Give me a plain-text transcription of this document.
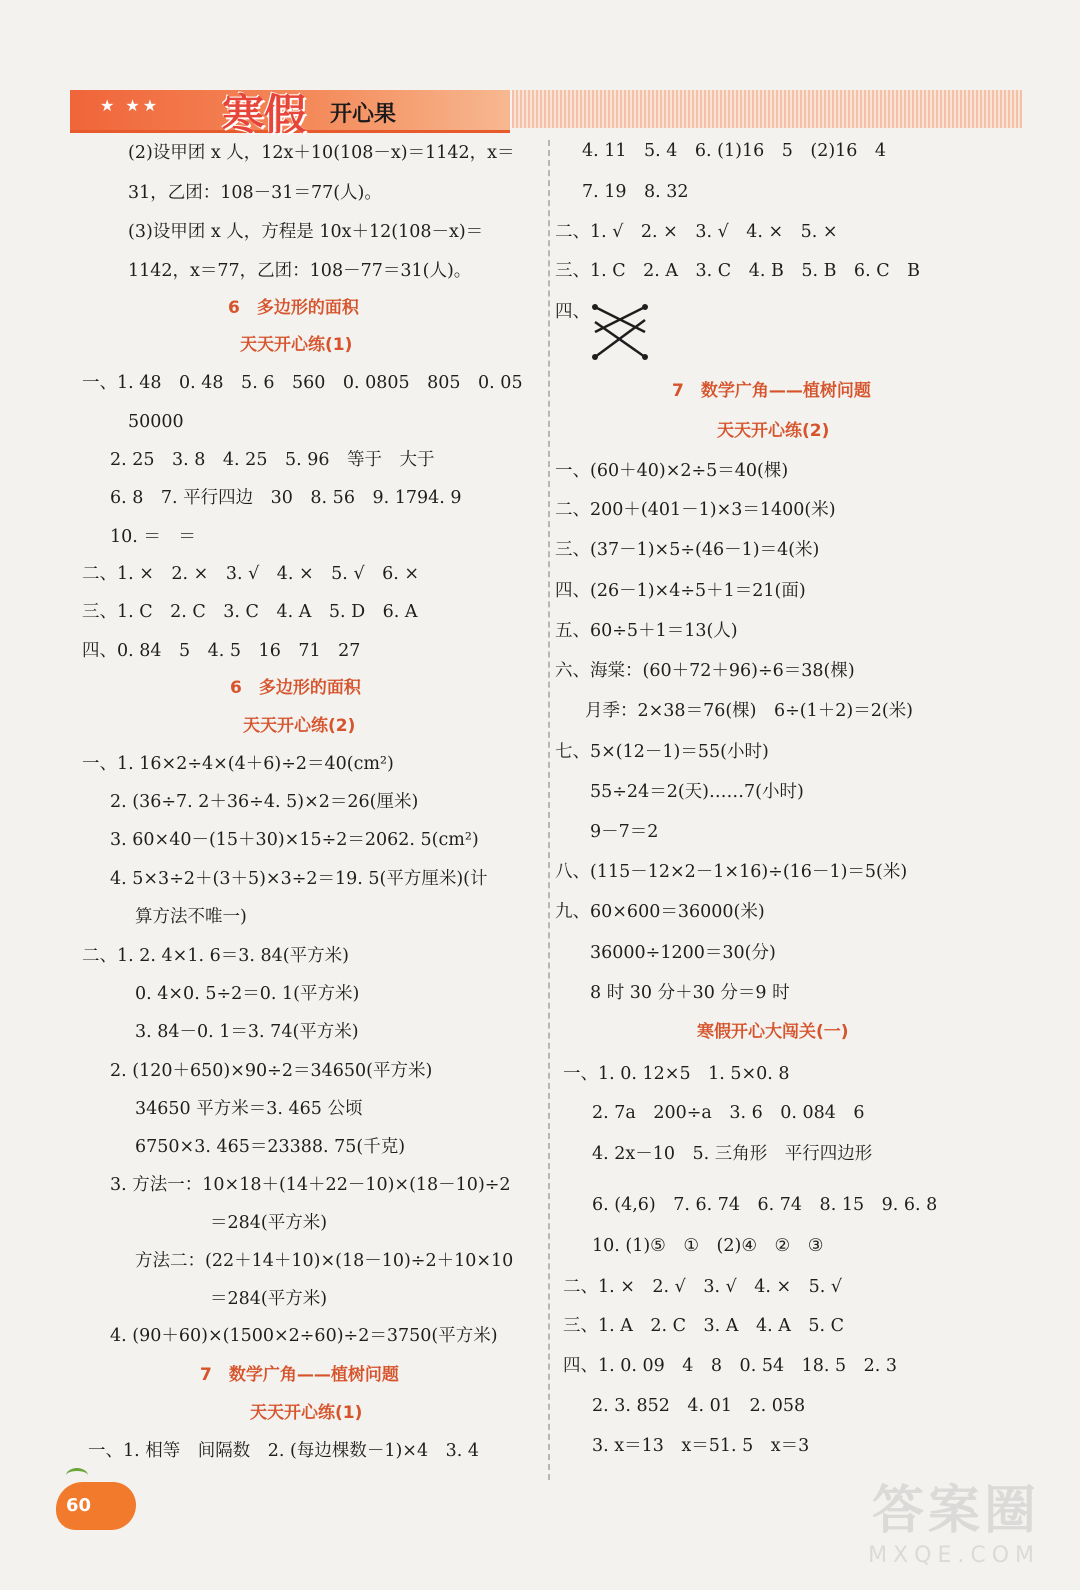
★ ★★ 寒假 开心果
(2)设甲团 x 人，12x＋10(108－x)＝1142，x＝
31，乙团：108－31＝77(人)。
(3)设甲团 x 人，方程是 10x＋12(108－x)＝
1142，x＝77，乙团：108－77＝31(人)。
6　多边形的面积
天天开心练(1)
一、1. 48　0. 48　5. 6　560　0. 0805　805　0. 05
50000
2. 25　3. 8　4. 25　5. 96　等于　大于
6. 8　7. 平行四边　30　8. 56　9. 1794. 9
10. ＝　＝
二、1. ×　2. ×　3. √　4. ×　5. √　6. ×
三、1. C　2. C　3. C　4. A　5. D　6. A
四、0. 84　5　4. 5　16　71　27
6　多边形的面积
天天开心练(2)
一、1. 16×2÷4×(4＋6)÷2＝40(cm²)
2. (36÷7. 2＋36÷4. 5)×2＝26(厘米)
3. 60×40－(15＋30)×15÷2＝2062. 5(cm²)
4. 5×3÷2＋(3＋5)×3÷2＝19. 5(平方厘米)(计
算方法不唯一)
二、1. 2. 4×1. 6＝3. 84(平方米)
0. 4×0. 5÷2＝0. 1(平方米)
3. 84－0. 1＝3. 74(平方米)
2. (120＋650)×90÷2＝34650(平方米)
34650 平方米＝3. 465 公顷
6750×3. 465＝23388. 75(千克)
3. 方法一：10×18＋(14＋22－10)×(18－10)÷2
＝284(平方米)
方法二：(22＋14＋10)×(18－10)÷2＋10×10
＝284(平方米)
4. (90＋60)×(1500×2÷60)÷2＝3750(平方米)
7　数学广角——植树问题
天天开心练(1)
一、1. 相等　间隔数　2. (每边棵数－1)×4　3. 4
4. 11　5. 4　6. (1)16　5　(2)16　4
7. 19　8. 32
二、1. √　2. ×　3. √　4. ×　5. ×
三、1. C　2. A　3. C　4. B　5. B　6. C　B
四、
7　数学广角——植树问题
天天开心练(2)
一、(60＋40)×2÷5＝40(棵)
二、200＋(401－1)×3＝1400(米)
三、(37－1)×5÷(46－1)＝4(米)
四、(26－1)×4÷5＋1＝21(面)
五、60÷5＋1＝13(人)
六、海棠：(60＋72＋96)÷6＝38(棵)
月季：2×38＝76(棵)　6÷(1＋2)＝2(米)
七、5×(12－1)＝55(小时)
55÷24＝2(天)……7(小时)
9－7＝2
八、(115－12×2－1×16)÷(16－1)＝5(米)
九、60×600＝36000(米)
36000÷1200＝30(分)
8 时 30 分＋30 分＝9 时
寒假开心大闯关(一)
一、1. 0. 12×5　1. 5×0. 8
2. 7a　200÷a　3. 6　0. 084　6
4. 2x－10　5. 三角形　平行四边形
6. (4,6)　7. 6. 74　6. 74　8. 15　9. 6. 8
10. (1)⑤　①　(2)④　②　③
二、1. ×　2. √　3. √　4. ×　5. √
三、1. A　2. C　3. A　4. A　5. C
四、1. 0. 09　4　8　0. 54　18. 5　2. 3
2. 3. 852　4. 01　2. 058
3. x＝13　x＝51. 5　x＝3
60	答案圈
MXQE.COM
